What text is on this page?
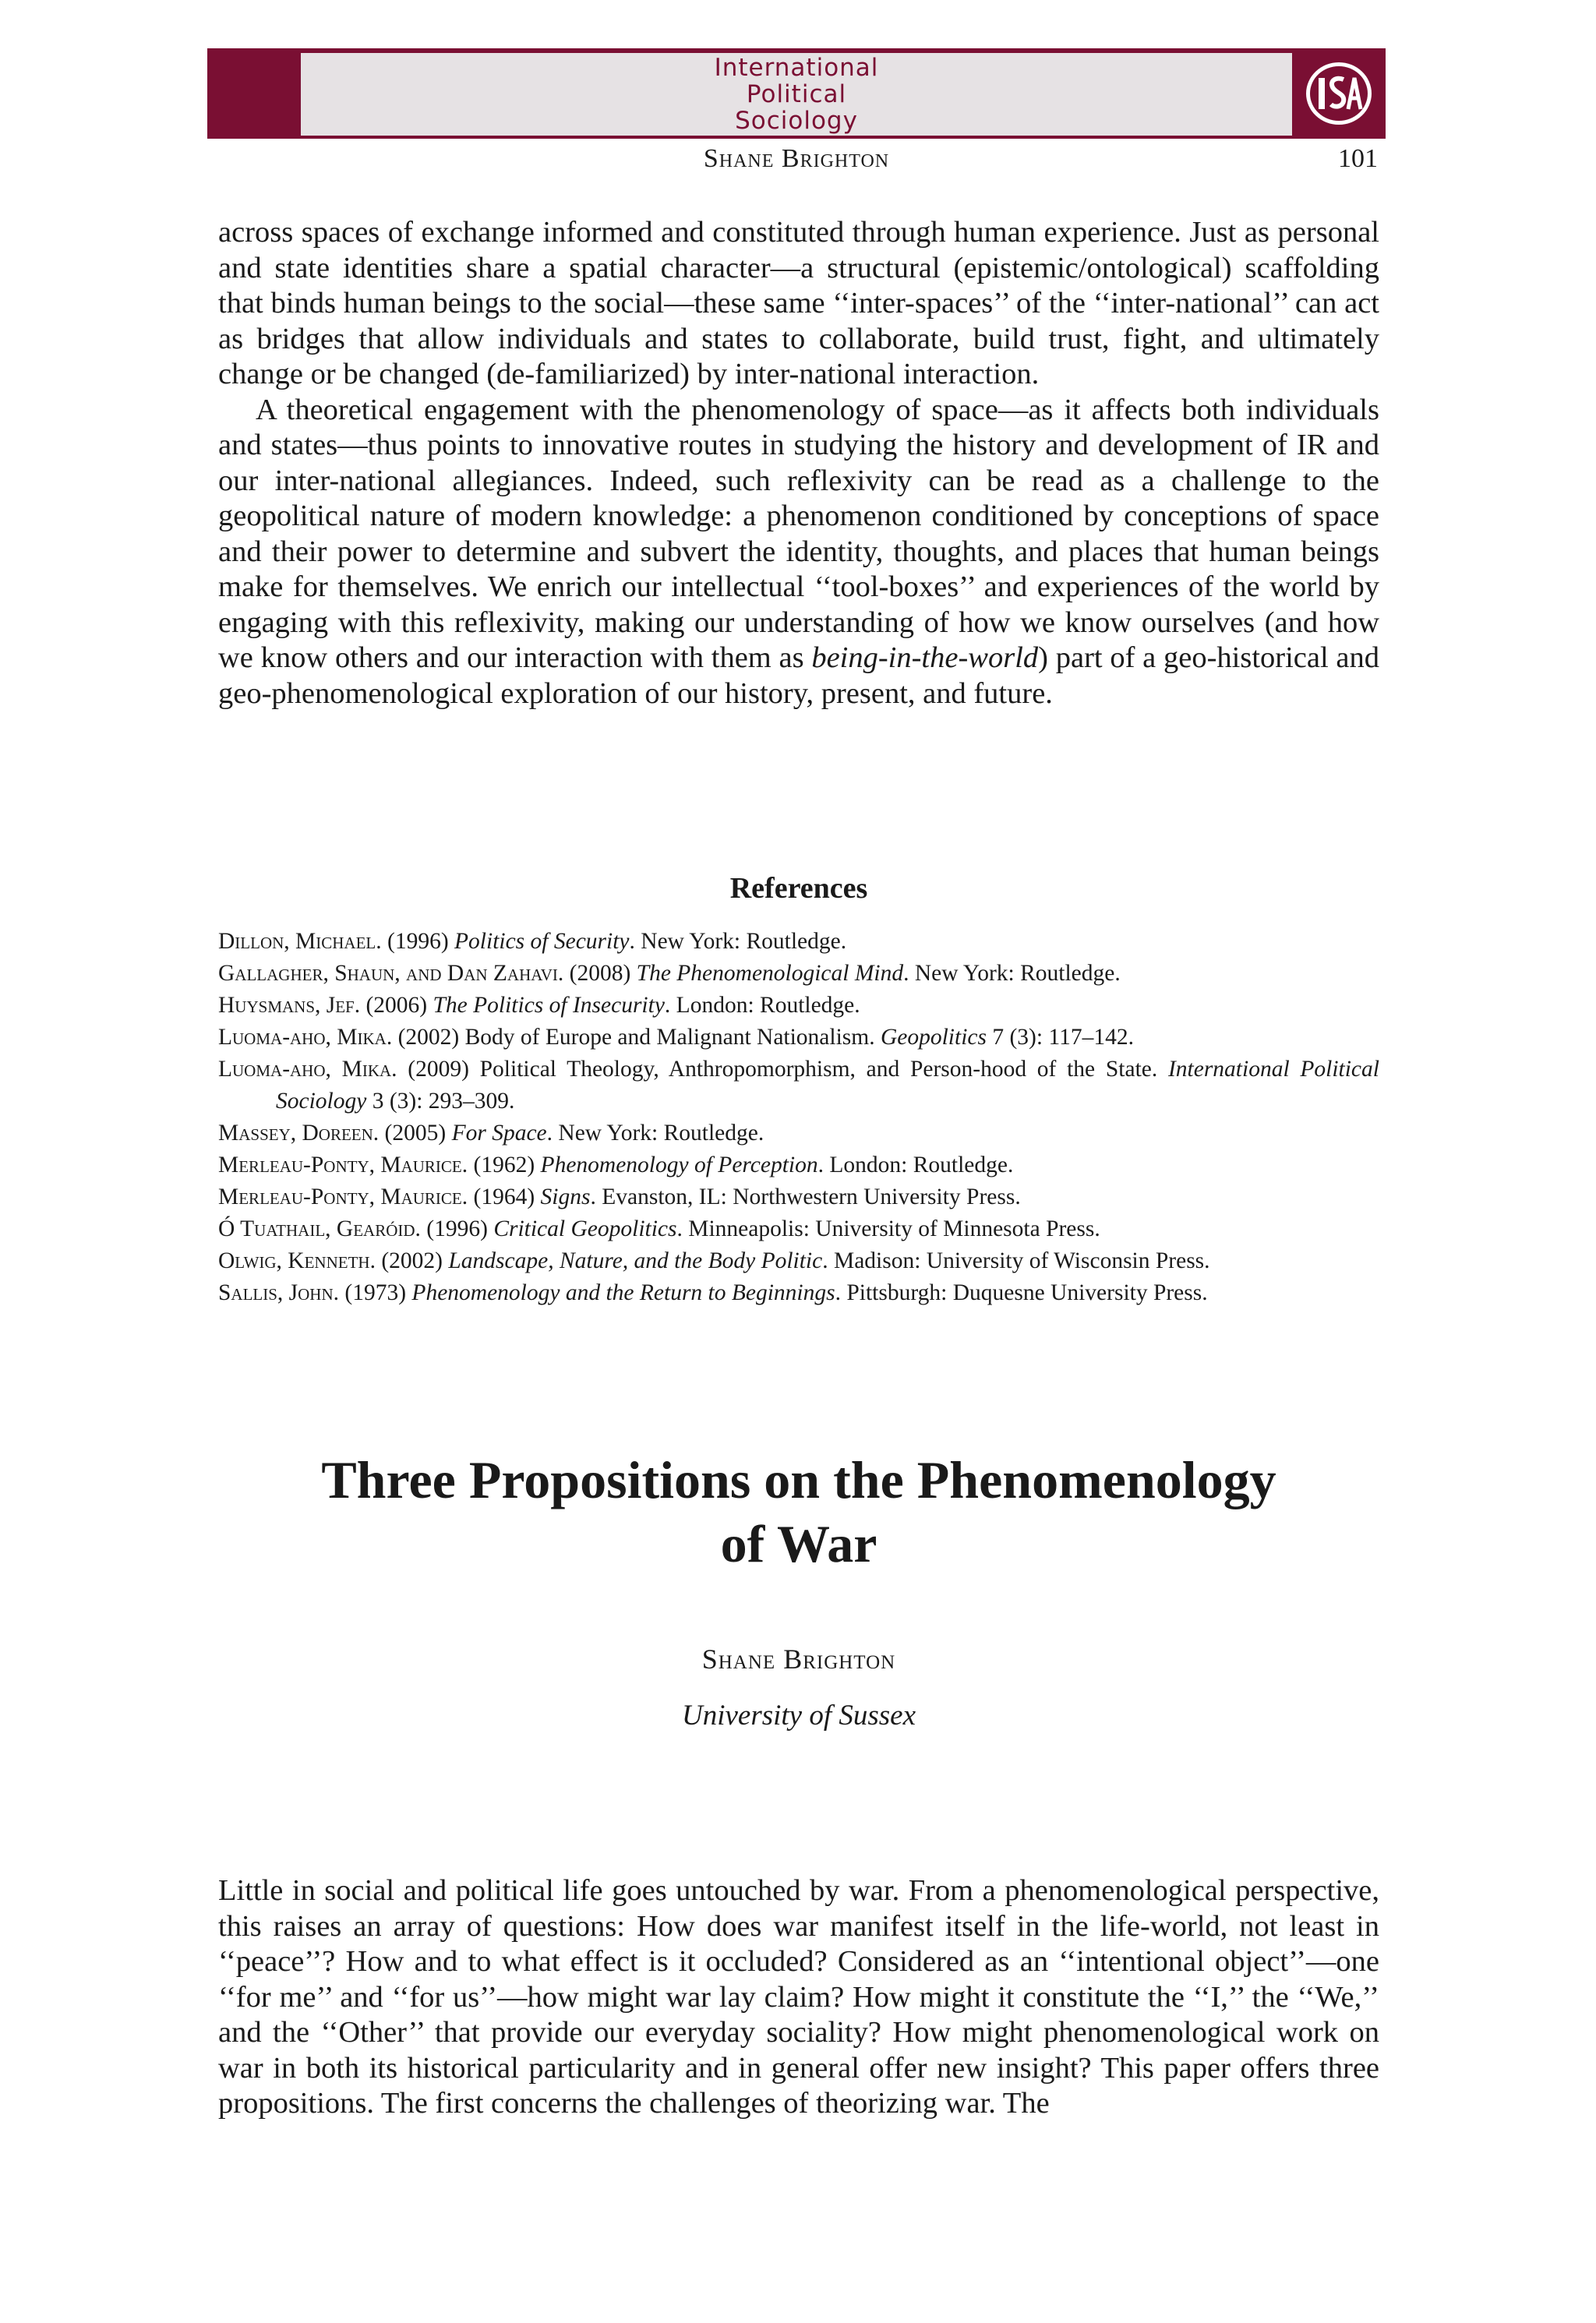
International
Political
Sociology
Shane Brighton	101

across spaces of exchange informed and constituted through human experience. Just as personal and state identities share a spatial character—a structural (epistemic/ontological) scaffolding that binds human beings to the social—these same ‘‘inter-spaces’’ of the ‘‘inter-national’’ can act as bridges that allow individuals and states to collaborate, build trust, fight, and ultimately change or be changed (de-familiarized) by inter-national interaction.

A theoretical engagement with the phenomenology of space—as it affects both individuals and states—thus points to innovative routes in studying the history and development of IR and our inter-national allegiances. Indeed, such reflexivity can be read as a challenge to the geopolitical nature of modern knowledge: a phenomenon conditioned by conceptions of space and their power to determine and subvert the identity, thoughts, and places that human beings make for themselves. We enrich our intellectual ‘‘tool-boxes’’ and experiences of the world by engaging with this reflexivity, making our understanding of how we know ourselves (and how we know others and our interaction with them as being-in-the-world) part of a geo-historical and geo-phenomenological exploration of our history, present, and future.

References
Dillon, Michael. (1996) Politics of Security. New York: Routledge.
Gallagher, Shaun, and Dan Zahavi. (2008) The Phenomenological Mind. New York: Routledge.
Huysmans, Jef. (2006) The Politics of Insecurity. London: Routledge.
Luoma-aho, Mika. (2002) Body of Europe and Malignant Nationalism. Geopolitics 7 (3): 117–142.
Luoma-aho, Mika. (2009) Political Theology, Anthropomorphism, and Person-hood of the State. International Political Sociology 3 (3): 293–309.
Massey, Doreen. (2005) For Space. New York: Routledge.
Merleau-Ponty, Maurice. (1962) Phenomenology of Perception. London: Routledge.
Merleau-Ponty, Maurice. (1964) Signs. Evanston, IL: Northwestern University Press.
Ó Tuathail, Gearóid. (1996) Critical Geopolitics. Minneapolis: University of Minnesota Press.
Olwig, Kenneth. (2002) Landscape, Nature, and the Body Politic. Madison: University of Wisconsin Press.
Sallis, John. (1973) Phenomenology and the Return to Beginnings. Pittsburgh: Duquesne University Press.
Three Propositions on the Phenomenology
of War
Shane Brighton
University of Sussex

Little in social and political life goes untouched by war. From a phenomenological perspective, this raises an array of questions: How does war manifest itself in the life-world, not least in ‘‘peace’’? How and to what effect is it occluded? Considered as an ‘‘intentional object’’—one ‘‘for me’’ and ‘‘for us’’—how might war lay claim? How might it constitute the ‘‘I,’’ the ‘‘We,’’ and the ‘‘Other’’ that provide our everyday sociality? How might phenomenological work on war in both its historical particularity and in general offer new insight? This paper offers three propositions. The first concerns the challenges of theorizing war. The
